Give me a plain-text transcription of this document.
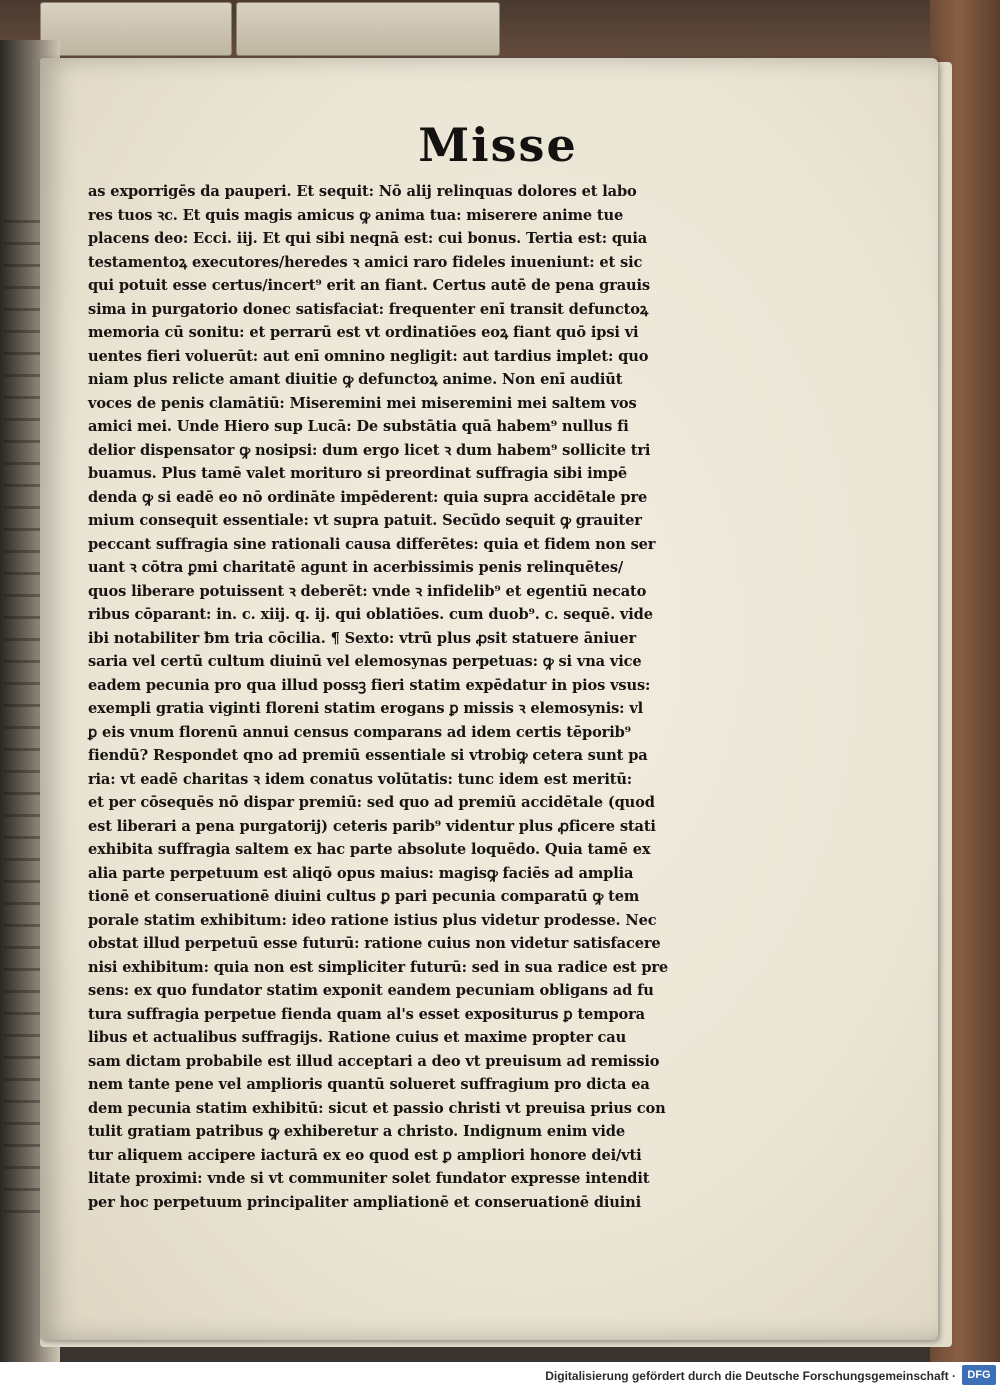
Misse
as exporrigēs da pauperi. Et sequit: Nō alij relinquas dolores et labo
res tuos ꝛc. Et quis magis amicus ꝙ anima tua: miserere anime tue
placens deo: Ecci. iij. Et qui sibi neqnā est: cui bonus. Tertia est: quia
testamentoꝝ executores/heredes ꝛ amici raro fideles inueniunt: et sic
qui potuit esse certus/incert⁹ erit an fiant. Certus autē de pena grauis
sima in purgatorio donec satisfaciat: frequenter enī transit defunctoꝝ
memoria cū sonitu: et perrarū est vt ordinatiōes eoꝝ fiant quō ipsi vi
uentes fieri voluerūt: aut enī omnino negligit: aut tardius implet: quo
niam plus relicte amant diuitie ꝙ defunctoꝝ anime. Non enī audiūt
voces de penis clamātiū: Miseremini mei miseremini mei saltem vos
amici mei. Unde Hiero sup Lucā: De substātia quā habem⁹ nullus fi
delior dispensator ꝙ nosipsi: dum ergo licet ꝛ dum habem⁹ sollicite tri
buamus. Plus tamē valet morituro si preordinat suffragia sibi impē
denda ꝙ si eadē eo nō ordināte impēderent: quia supra accidētale pre
mium consequit essentiale: vt supra patuit. Secūdo sequit ꝙ grauiter
peccant suffragia sine rationali causa differētes: quia et fidem non ser
uant ꝛ cōtra ꝑmi charitatē agunt in acerbissimis penis relinquētes/
quos liberare potuissent ꝛ deberēt: vnde ꝛ infidelib⁹ et egentiū necato
ribus cōparant: in. c. xiij. q. ij. qui oblatiōes. cum duob⁹. c. sequē. vide
ibi notabiliter ƀm tria cōcilia. ¶ Sexto: vtrū plus ꝓsit statuere āniuer
saria vel certū cultum diuinū vel elemosynas perpetuas: ꝙ si vna vice
eadem pecunia pro qua illud possꝫ fieri statim expēdatur in pios vsus:
exempli gratia viginti floreni statim erogans ꝑ missis ꝛ elemosynis: vl
ꝑ eis vnum florenū annui census comparans ad idem certis tēporib⁹
fiendū? Respondet qno ad premiū essentiale si vtrobiꝙ cetera sunt pa
ria: vt eadē charitas ꝛ idem conatus volūtatis: tunc idem est meritū:
et per cōsequēs nō dispar premiū: sed quo ad premiū accidētale (quod
est liberari a pena purgatorij) ceteris parib⁹ videntur plus ꝓficere stati
exhibita suffragia saltem ex hac parte absolute loquēdo. Quia tamē ex
alia parte perpetuum est aliqō opus maius: magisꝙ faciēs ad amplia
tionē et conseruationē diuini cultus ꝑ pari pecunia comparatū ꝙ tem
porale statim exhibitum: ideo ratione istius plus videtur prodesse. Nec
obstat illud perpetuū esse futurū: ratione cuius non videtur satisfacere
nisi exhibitum: quia non est simpliciter futurū: sed in sua radice est pre
sens: ex quo fundator statim exponit eandem pecuniam obligans ad fu
tura suffragia perpetue fienda quam al's esset expositurus ꝑ tempora
libus et actualibus suffragijs. Ratione cuius et maxime propter cau
sam dictam probabile est illud acceptari a deo vt preuisum ad remissio
nem tante pene vel amplioris quantū solueret suffragium pro dicta ea
dem pecunia statim exhibitū: sicut et passio christi vt preuisa prius con
tulit gratiam patribus ꝙ exhiberetur a christo. Indignum enim vide
tur aliquem accipere iacturā ex eo quod est ꝑ ampliori honore dei/vti
litate proximi: vnde si vt communiter solet fundator expresse intendit
per hoc perpetuum principaliter ampliationē et conseruationē diuini
Digitalisierung gefördert durch die Deutsche Forschungsgemeinschaft ·	DFG
